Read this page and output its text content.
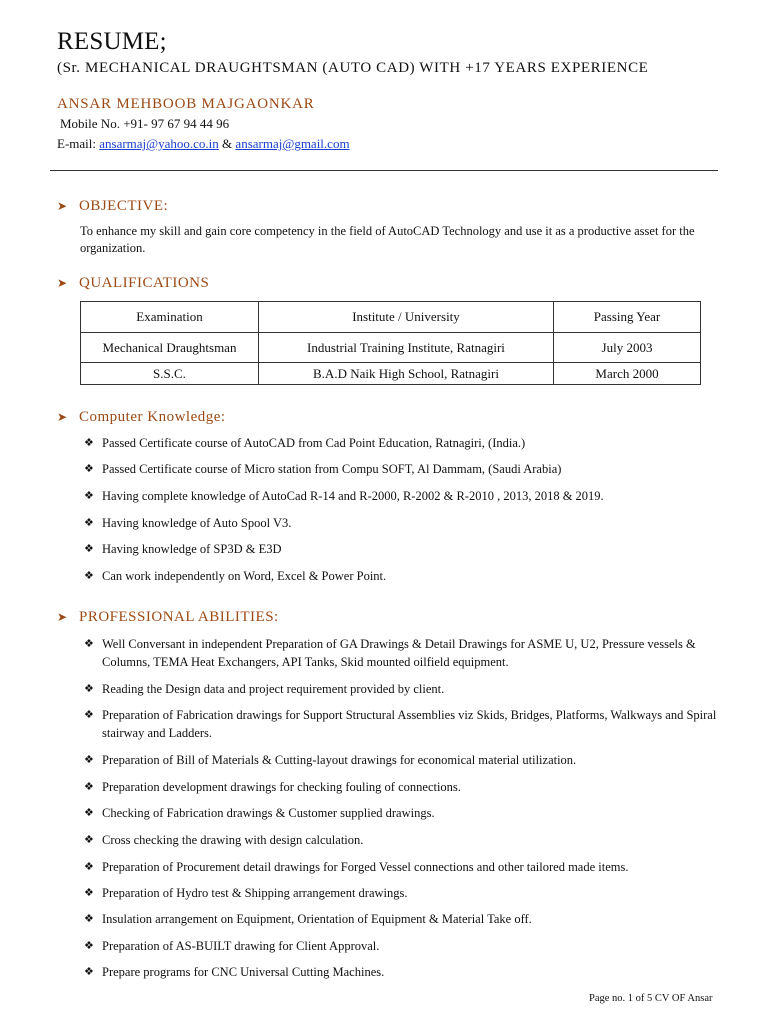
RESUME;
(Sr. MECHANICAL DRAUGHTSMAN (AUTO CAD) WITH +17 YEARS EXPERIENCE
ANSAR MEHBOOB MAJGAONKAR
Mobile No. +91- 97 67 94 44 96
E-mail: ansarmaj@yahoo.co.in & ansarmaj@gmail.com
➤ OBJECTIVE:
To enhance my skill and gain core competency in the field of AutoCAD Technology and use it as a productive asset for the organization.
➤ QUALIFICATIONS
Examination	Institute / University	Passing Year
Mechanical Draughtsman	Industrial Training Institute, Ratnagiri	July 2003
S.S.C.	B.A.D Naik High School, Ratnagiri	March 2000
➤ Computer Knowledge:
❖ Passed Certificate course of AutoCAD from Cad Point Education, Ratnagiri, (India.)
❖ Passed Certificate course of Micro station from Compu SOFT, Al Dammam, (Saudi Arabia)
❖ Having complete knowledge of AutoCad R-14 and R-2000, R-2002 & R-2010 , 2013, 2018 & 2019.
❖ Having knowledge of Auto Spool V3.
❖ Having knowledge of SP3D & E3D
❖ Can work independently on Word, Excel & Power Point.
➤ PROFESSIONAL ABILITIES:
❖ Well Conversant in independent Preparation of GA Drawings & Detail Drawings for ASME U, U2, Pressure vessels & Columns, TEMA Heat Exchangers, API Tanks, Skid mounted oilfield equipment.
❖ Reading the Design data and project requirement provided by client.
❖ Preparation of Fabrication drawings for Support Structural Assemblies viz Skids, Bridges, Platforms, Walkways and Spiral stairway and Ladders.
❖ Preparation of Bill of Materials & Cutting-layout drawings for economical material utilization.
❖ Preparation development drawings for checking fouling of connections.
❖ Checking of Fabrication drawings & Customer supplied drawings.
❖ Cross checking the drawing with design calculation.
❖ Preparation of Procurement detail drawings for Forged Vessel connections and other tailored made items.
❖ Preparation of Hydro test & Shipping arrangement drawings.
❖ Insulation arrangement on Equipment, Orientation of Equipment & Material Take off.
❖ Preparation of AS-BUILT drawing for Client Approval.
❖ Prepare programs for CNC Universal Cutting Machines.
Page no. 1 of 5 CV OF Ansar
